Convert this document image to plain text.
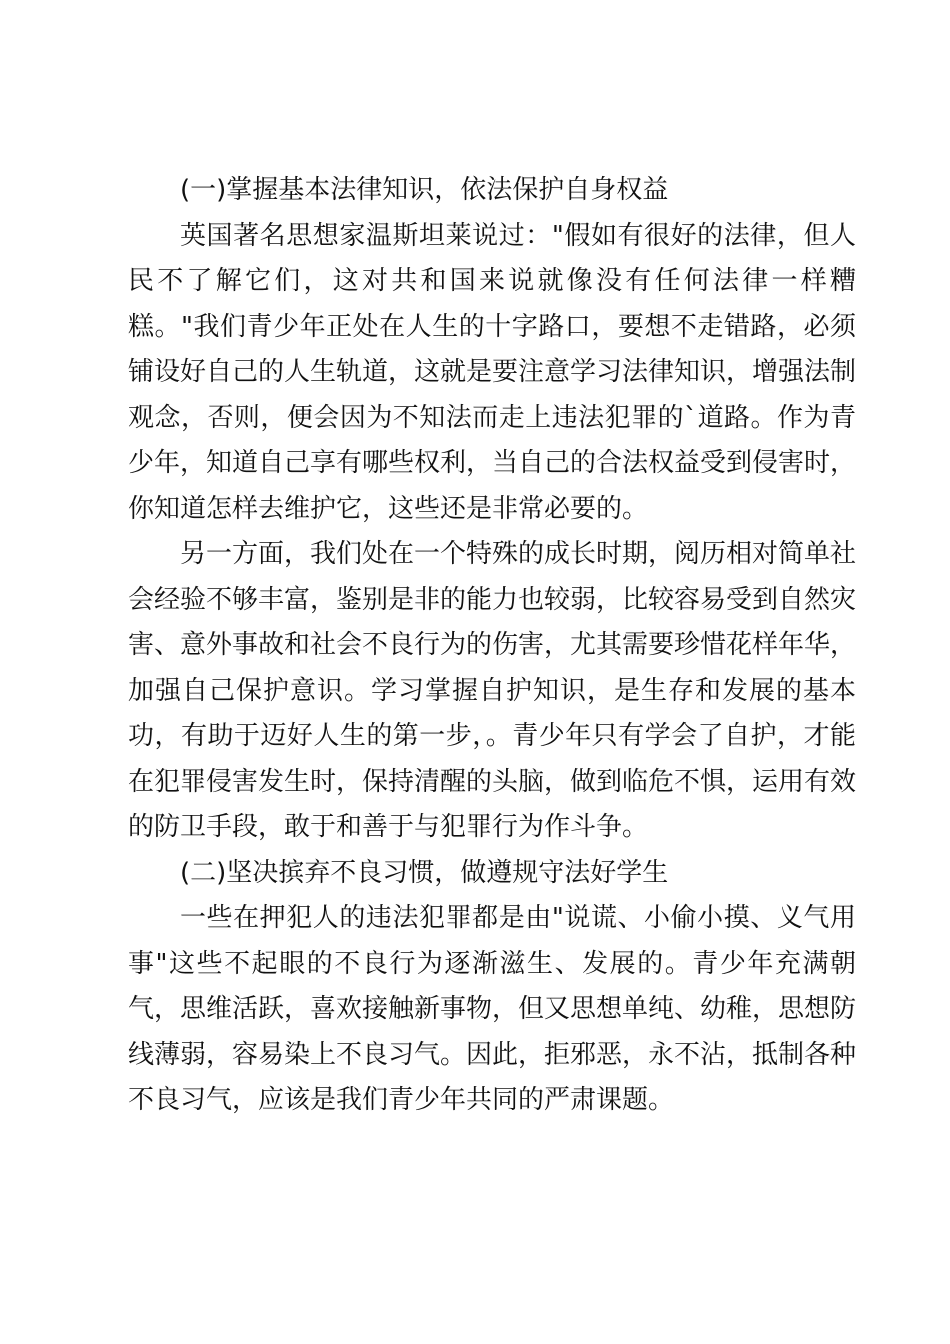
(一)掌握基本法律知识，依法保护自身权益

英国著名思想家温斯坦莱说过："假如有很好的法律，但人民不了解它们，这对共和国来说就像没有任何法律一样糟糕。"我们青少年正处在人生的十字路口，要想不走错路，必须铺设好自己的人生轨道，这就是要注意学习法律知识，增强法制观念，否则，便会因为不知法而走上违法犯罪的`道路。作为青少年，知道自己享有哪些权利，当自己的合法权益受到侵害时，你知道怎样去维护它，这些还是非常必要的。

另一方面，我们处在一个特殊的成长时期，阅历相对简单社会经验不够丰富，鉴别是非的能力也较弱，比较容易受到自然灾害、意外事故和社会不良行为的伤害，尤其需要珍惜花样年华，加强自己保护意识。学习掌握自护知识，是生存和发展的基本功，有助于迈好人生的第一步，。青少年只有学会了自护，才能在犯罪侵害发生时，保持清醒的头脑，做到临危不惧，运用有效的防卫手段，敢于和善于与犯罪行为作斗争。

(二)坚决摈弃不良习惯，做遵规守法好学生

一些在押犯人的违法犯罪都是由"说谎、小偷小摸、义气用事"这些不起眼的不良行为逐渐滋生、发展的。青少年充满朝气，思维活跃，喜欢接触新事物，但又思想单纯、幼稚，思想防线薄弱，容易染上不良习气。因此，拒邪恶，永不沾，抵制各种不良习气，应该是我们青少年共同的严肃课题。
